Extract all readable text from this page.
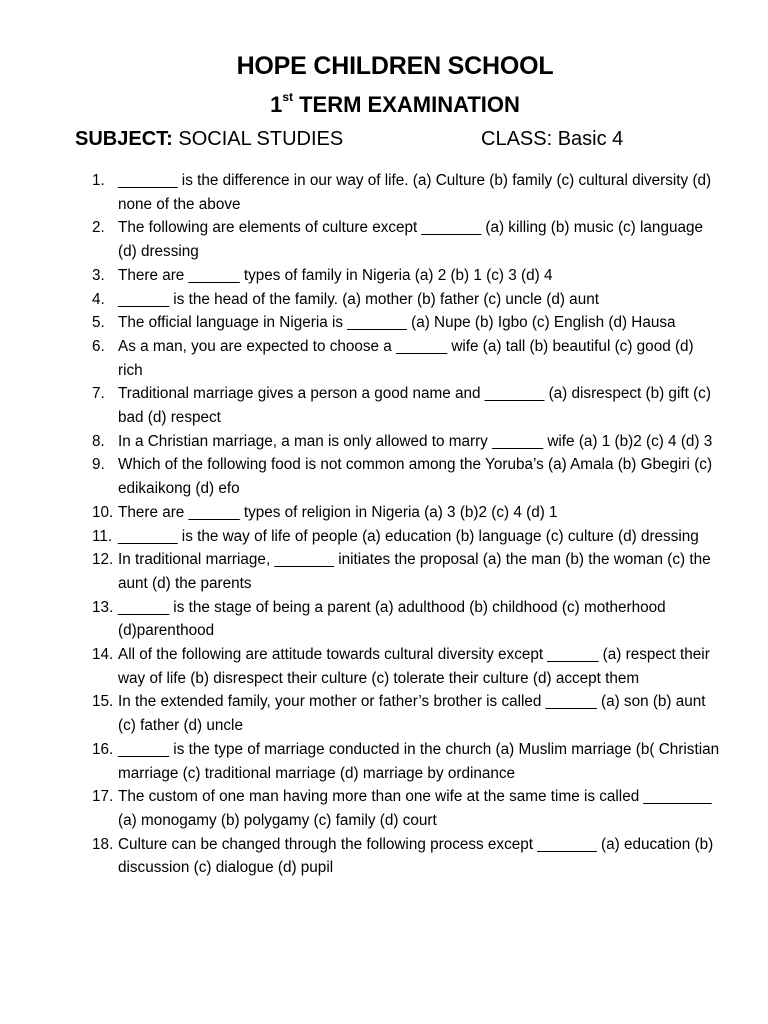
HOPE CHILDREN SCHOOL
1st TERM EXAMINATION
SUBJECT: SOCIAL STUDIES	CLASS: Basic 4
1. _______ is the difference in our way of life. (a) Culture (b) family (c) cultural diversity (d) none of the above
2. The following are elements of culture except _______ (a) killing (b) music (c) language (d) dressing
3. There are ______ types of family in Nigeria (a) 2 (b) 1 (c) 3 (d) 4
4. ______ is the head of the family. (a) mother (b) father (c) uncle (d) aunt
5. The official language in Nigeria is _______ (a) Nupe (b) Igbo (c) English (d) Hausa
6. As a man, you are expected to choose a ______ wife (a) tall (b) beautiful (c) good (d) rich
7. Traditional marriage gives a person a good name and _______ (a) disrespect (b) gift (c) bad (d) respect
8. In a Christian marriage, a man is only allowed to marry ______ wife (a) 1 (b)2 (c) 4 (d) 3
9. Which of the following food is not common among the Yoruba’s (a) Amala (b) Gbegiri (c) edikaikong (d) efo
10. There are ______ types of religion in Nigeria (a) 3 (b)2 (c) 4 (d) 1
11. _______ is the way of life of people (a) education (b) language (c) culture (d) dressing
12. In traditional marriage, _______ initiates the proposal (a) the man (b) the woman (c) the aunt (d) the parents
13. ______ is the stage of being a parent (a) adulthood (b) childhood (c) motherhood (d)parenthood
14. All of the following are attitude towards cultural diversity except ______ (a) respect their way of life (b) disrespect their culture (c) tolerate their culture (d) accept them
15. In the extended family, your mother or father’s brother is called ______ (a) son (b) aunt (c) father (d) uncle
16. ______ is the type of marriage conducted in the church (a) Muslim marriage (b( Christian marriage (c) traditional marriage (d) marriage by ordinance
17. The custom of one man having more than one wife at the same time is called ________ (a) monogamy (b) polygamy (c) family (d) court
18. Culture can be changed through the following process except _______ (a) education (b) discussion (c) dialogue (d) pupil
